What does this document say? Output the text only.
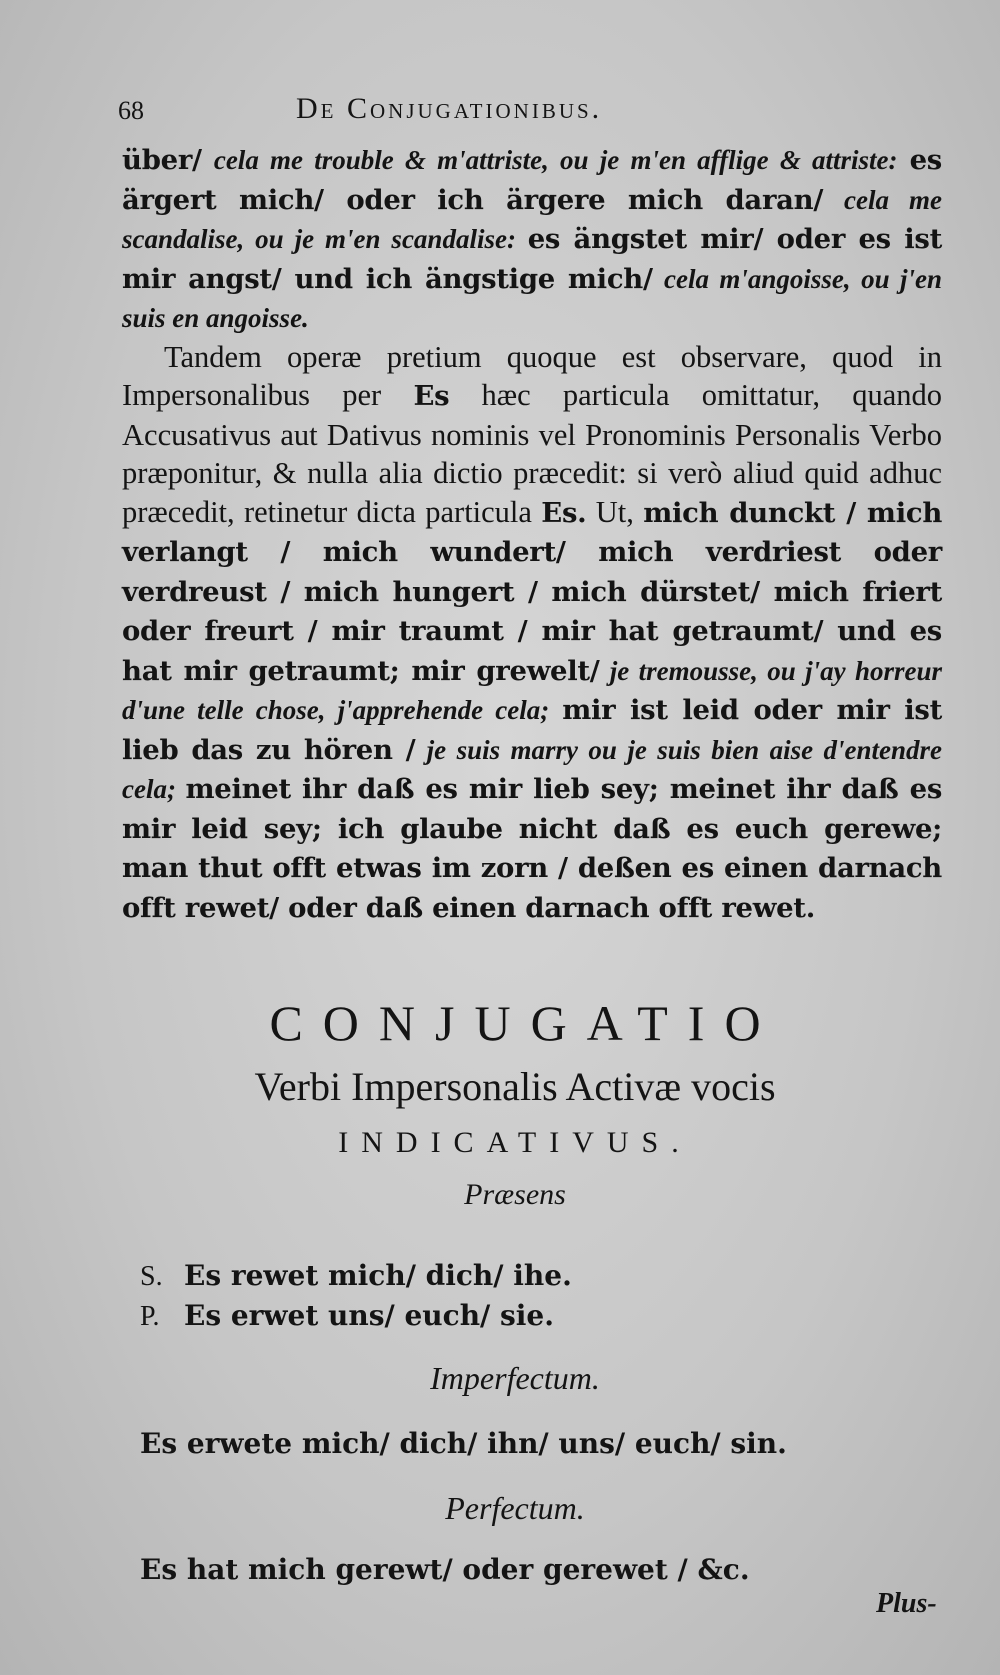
68	De Conjugationibus.

über/ cela me trouble & m'attriste, ou je m'en afflige & attriste: es ärgert mich/ oder ich ärgere mich daran/ cela me scandalise, ou je m'en scandalise: es ängstet mir/ oder es ist mir angst/ und ich ängstige mich/ cela m'angoisse, ou j'en suis en angoisse.

Tandem operæ pretium quoque est observare, quod in Impersonalibus per Es hæc particula omittatur, quando Accusativus aut Dativus nominis vel Pronominis Personalis Verbo præponitur, & nulla alia dictio præcedit: si verò aliud quid adhuc præcedit, retinetur dicta particula Es. Ut, mich dunckt / mich verlangt / mich wundert/ mich verdriest oder verdreust / mich hungert / mich dürstet/ mich friert oder freurt / mir traumt / mir hat getraumt/ und es hat mir getraumt; mir grewelt/ je tremousse, ou j'ay horreur d'une telle chose, j'apprehende cela; mir ist leid oder mir ist lieb das zu hören / je suis marry ou je suis bien aise d'entendre cela; meinet ihr daß es mir lieb sey; meinet ihr daß es mir leid sey; ich glaube nicht daß es euch gerewe; man thut offt etwas im zorn / deßen es einen darnach offt rewet/ oder daß einen darnach offt rewet.

CONJUGATIO
Verbi Impersonalis Activæ vocis
INDICATIVUS.
Præsens
S. Es rewet mich/ dich/ ihe.
P. Es erwet uns/ euch/ sie.
Imperfectum.
Es erwete mich/ dich/ ihn/ uns/ euch/ sin.
Perfectum.
Es hat mich gerewt/ oder gerewet / &c.
Plus-
